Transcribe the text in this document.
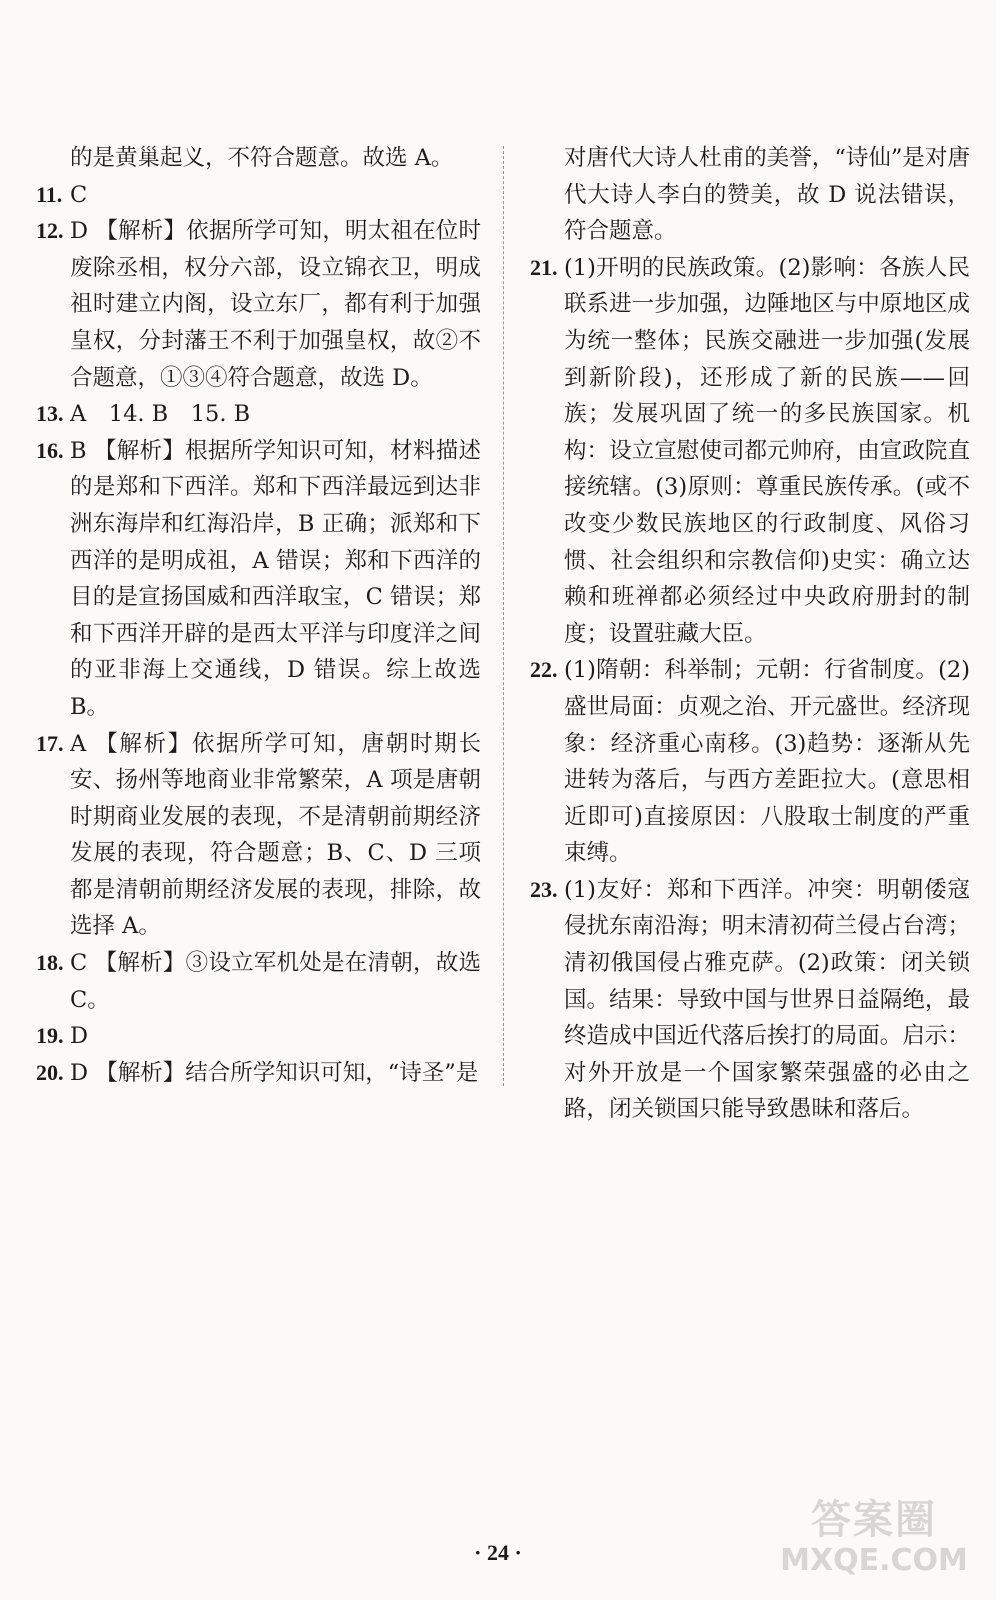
的是黄巢起义，不符合题意。故选 A。
11. C
12. D 【解析】依据所学可知，明太祖在位时废除丞相，权分六部，设立锦衣卫，明成祖时建立内阁，设立东厂，都有利于加强皇权，分封藩王不利于加强皇权，故②不合题意，①③④符合题意，故选 D。
13. A　14. B　15. B
16. B 【解析】根据所学知识可知，材料描述的是郑和下西洋。郑和下西洋最远到达非洲东海岸和红海沿岸，B 正确；派郑和下西洋的是明成祖，A 错误；郑和下西洋的目的是宣扬国威和西洋取宝，C 错误；郑和下西洋开辟的是西太平洋与印度洋之间的亚非海上交通线，D 错误。综上故选 B。
17. A 【解析】依据所学可知，唐朝时期长安、扬州等地商业非常繁荣，A 项是唐朝时期商业发展的表现，不是清朝前期经济发展的表现，符合题意；B、C、D 三项都是清朝前期经济发展的表现，排除，故选择 A。
18. C 【解析】③设立军机处是在清朝，故选 C。
19. D
20. D 【解析】结合所学知识可知，“诗圣”是
对唐代大诗人杜甫的美誉，“诗仙”是对唐代大诗人李白的赞美，故 D 说法错误，符合题意。
21. (1)开明的民族政策。(2)影响：各族人民联系进一步加强，边陲地区与中原地区成为统一整体；民族交融进一步加强(发展到新阶段)，还形成了新的民族——回族；发展巩固了统一的多民族国家。机构：设立宣慰使司都元帅府，由宣政院直接统辖。(3)原则：尊重民族传承。(或不改变少数民族地区的行政制度、风俗习惯、社会组织和宗教信仰)史实：确立达赖和班禅都必须经过中央政府册封的制度；设置驻藏大臣。
22. (1)隋朝：科举制；元朝：行省制度。(2)盛世局面：贞观之治、开元盛世。经济现象：经济重心南移。(3)趋势：逐渐从先进转为落后，与西方差距拉大。(意思相近即可)直接原因：八股取士制度的严重束缚。
23. (1)友好：郑和下西洋。冲突：明朝倭寇侵扰东南沿海；明末清初荷兰侵占台湾；清初俄国侵占雅克萨。(2)政策：闭关锁国。结果：导致中国与世界日益隔绝，最终造成中国近代落后挨打的局面。启示：对外开放是一个国家繁荣强盛的必由之路，闭关锁国只能导致愚昧和落后。
· 24 ·
答案圈
MXQE.COM
